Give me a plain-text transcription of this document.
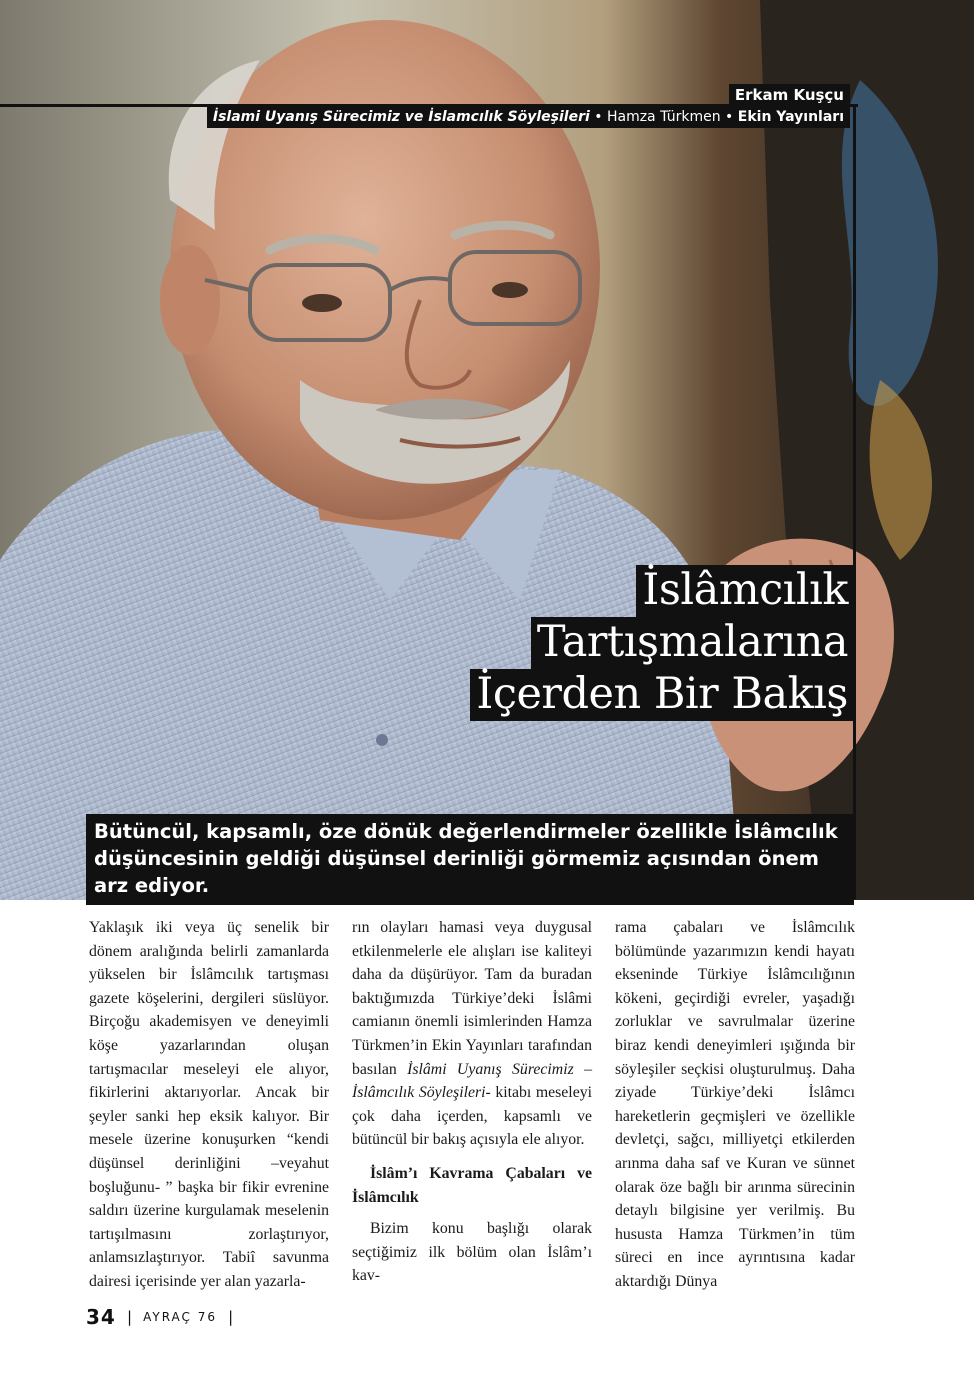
Erkam Kuşçu
İslami Uyanış Sürecimiz ve İslamcılık Söyleşileri • Hamza Türkmen • Ekin Yayınları
İslâmcılık
Tartışmalarına
İçerden Bir Bakış
Bütüncül, kapsamlı, öze dönük değerlendirmeler özellikle İslâmcılık düşüncesinin geldiği düşünsel derinliği görmemiz açısından önem arz ediyor.

Yaklaşık iki veya üç senelik bir dönem aralığında belirli zamanlarda yükselen bir İslâmcılık tartışması gazete köşelerini, dergileri süslüyor. Birçoğu akademisyen ve deneyimli köşe yazarlarından oluşan tartışmacılar meseleyi ele alıyor, fikirlerini aktarıyorlar. Ancak bir şeyler sanki hep eksik kalıyor. Bir mesele üzerine konuşurken “kendi düşünsel derinliğini –veyahut boşluğunu- ” başka bir fikir evrenine saldırı üzerine kurgulamak meselenin tartışılmasını zorlaştırıyor, anlamsızlaştırıyor. Tabiî savunma dairesi içerisinde yer alan yazarla-

rın olayları hamasi veya duygusal etkilenmelerle ele alışları ise kaliteyi daha da düşürüyor. Tam da buradan baktığımızda Türkiye’deki İslâmi camianın önemli isimlerinden Hamza Türkmen’in Ekin Yayınları tarafından basılan İslâmi Uyanış Sürecimiz –İslâmcılık Söyleşileri- kitabı meseleyi çok daha içerden, kapsamlı ve bütüncül bir bakış açısıyla ele alıyor.

İslâm’ı Kavrama Çabaları ve İslâmcılık

Bizim konu başlığı olarak seçtiğimiz ilk bölüm olan İslâm’ı kav-

rama çabaları ve İslâmcılık bölümünde yazarımızın kendi hayatı ekseninde Türkiye İslâmcılığının kökeni, geçirdiği evreler, yaşadığı zorluklar ve savrulmalar üzerine biraz kendi deneyimleri ışığında bir söyleşiler seçkisi oluşturulmuş. Daha ziyade Türkiye’deki İslâmcı hareketlerin geçmişleri ve özellikle devletçi, sağcı, milliyetçi etkilerden arınma daha saf ve Kuran ve sünnet olarak öze bağlı bir arınma sürecinin detaylı bilgisine yer verilmiş. Bu hususta Hamza Türkmen’in tüm süreci en ince ayrıntısına kadar aktardığı Dünya

34 | AYRAÇ 76 |
